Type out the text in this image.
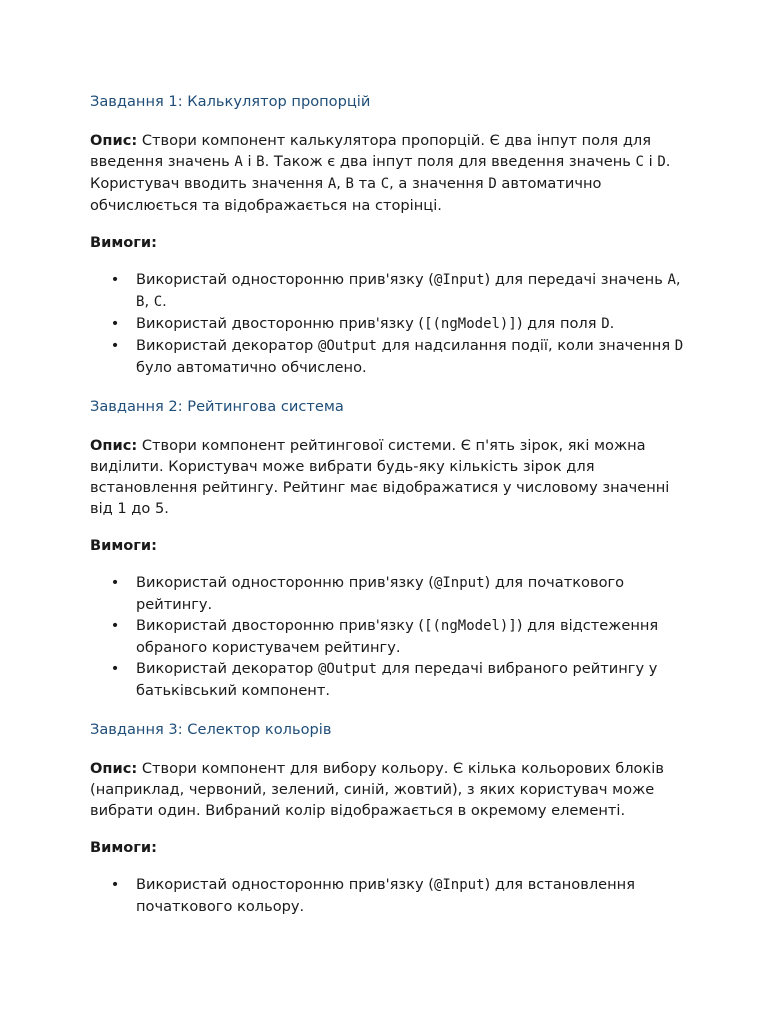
Завдання 1: Калькулятор пропорцій

Опис: Створи компонент калькулятора пропорцій. Є два інпут поля для введення значень A і B. Також є два інпут поля для введення значень C і D. Користувач вводить значення A, B та C, а значення D автоматично обчислюється та відображається на сторінці.

Вимоги:

• Використай односторонню прив'язку (@Input) для передачі значень A, B, C.
• Використай двосторонню прив'язку ([(ngModel)]) для поля D.
• Використай декоратор @Output для надсилання події, коли значення D було автоматично обчислено.
Завдання 2: Рейтингова система

Опис: Створи компонент рейтингової системи. Є п'ять зірок, які можна виділити. Користувач може вибрати будь-яку кількість зірок для встановлення рейтингу. Рейтинг має відображатися у числовому значенні від 1 до 5.

Вимоги:

• Використай односторонню прив'язку (@Input) для початкового рейтингу.
• Використай двосторонню прив'язку ([(ngModel)]) для відстеження обраного користувачем рейтингу.
• Використай декоратор @Output для передачі вибраного рейтингу у батьківський компонент.
Завдання 3: Селектор кольорів

Опис: Створи компонент для вибору кольору. Є кілька кольорових блоків (наприклад, червоний, зелений, синій, жовтий), з яких користувач може вибрати один. Вибраний колір відображається в окремому елементі.

Вимоги:

• Використай односторонню прив'язку (@Input) для встановлення початкового кольору.
